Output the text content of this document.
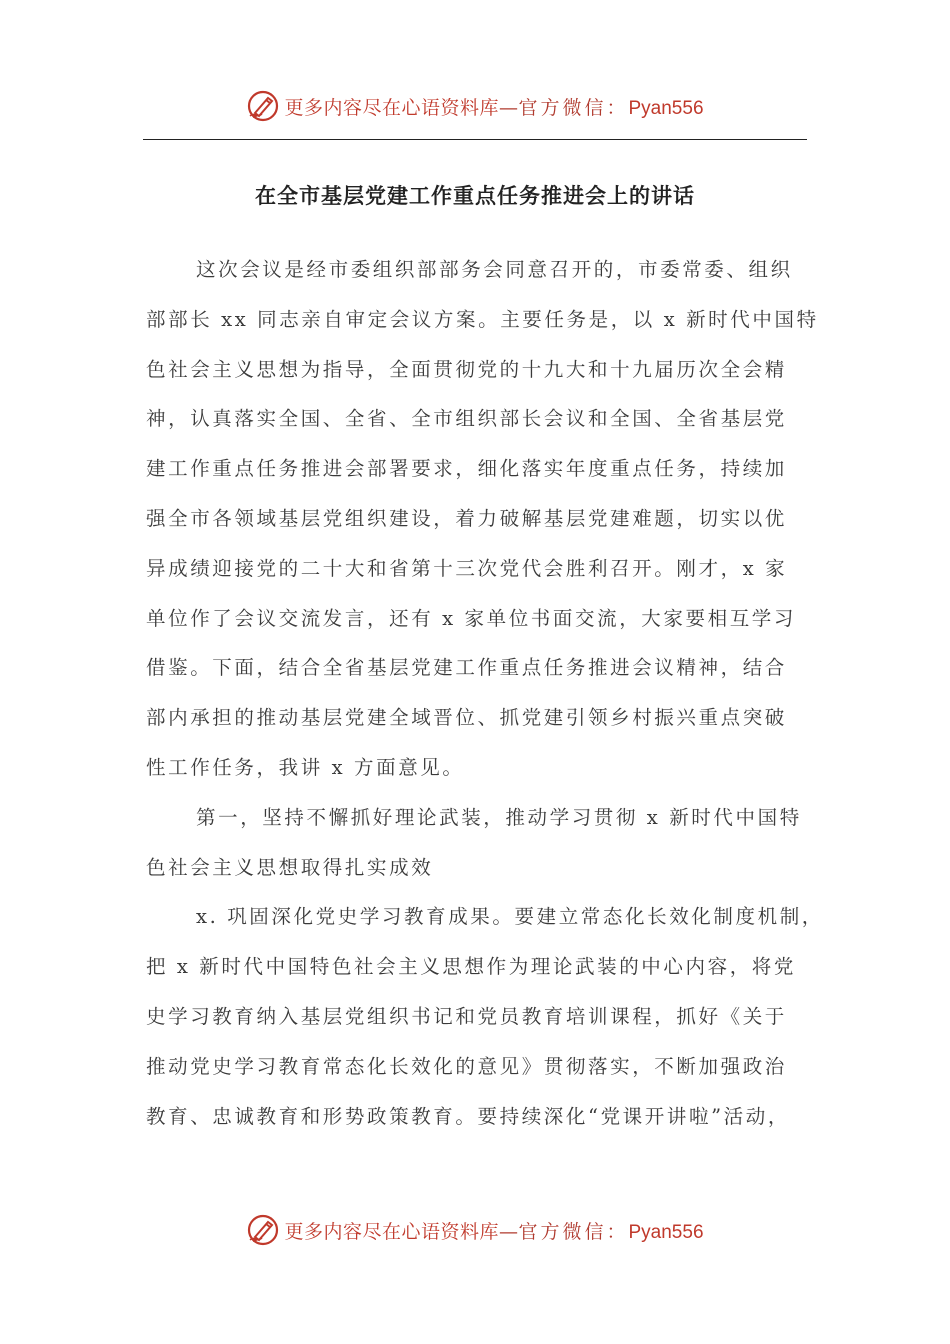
更多内容尽在心语资料库—官方微信：Pyan556
在全市基层党建工作重点任务推进会上的讲话
这次会议是经市委组织部部务会同意召开的，市委常委、组织
部部长 xx 同志亲自审定会议方案。主要任务是，以 x 新时代中国特
色社会主义思想为指导，全面贯彻党的十九大和十九届历次全会精
神，认真落实全国、全省、全市组织部长会议和全国、全省基层党
建工作重点任务推进会部署要求，细化落实年度重点任务，持续加
强全市各领域基层党组织建设，着力破解基层党建难题，切实以优
异成绩迎接党的二十大和省第十三次党代会胜利召开。刚才，x 家
单位作了会议交流发言，还有 x 家单位书面交流，大家要相互学习
借鉴。下面，结合全省基层党建工作重点任务推进会议精神，结合
部内承担的推动基层党建全域晋位、抓党建引领乡村振兴重点突破
性工作任务，我讲 x 方面意见。
第一，坚持不懈抓好理论武装，推动学习贯彻 x 新时代中国特
色社会主义思想取得扎实成效
x. 巩固深化党史学习教育成果。要建立常态化长效化制度机制，
把 x 新时代中国特色社会主义思想作为理论武装的中心内容，将党
史学习教育纳入基层党组织书记和党员教育培训课程，抓好《关于
推动党史学习教育常态化长效化的意见》贯彻落实，不断加强政治
教育、忠诚教育和形势政策教育。要持续深化“党课开讲啦”活动，
更多内容尽在心语资料库—官方微信：Pyan556
